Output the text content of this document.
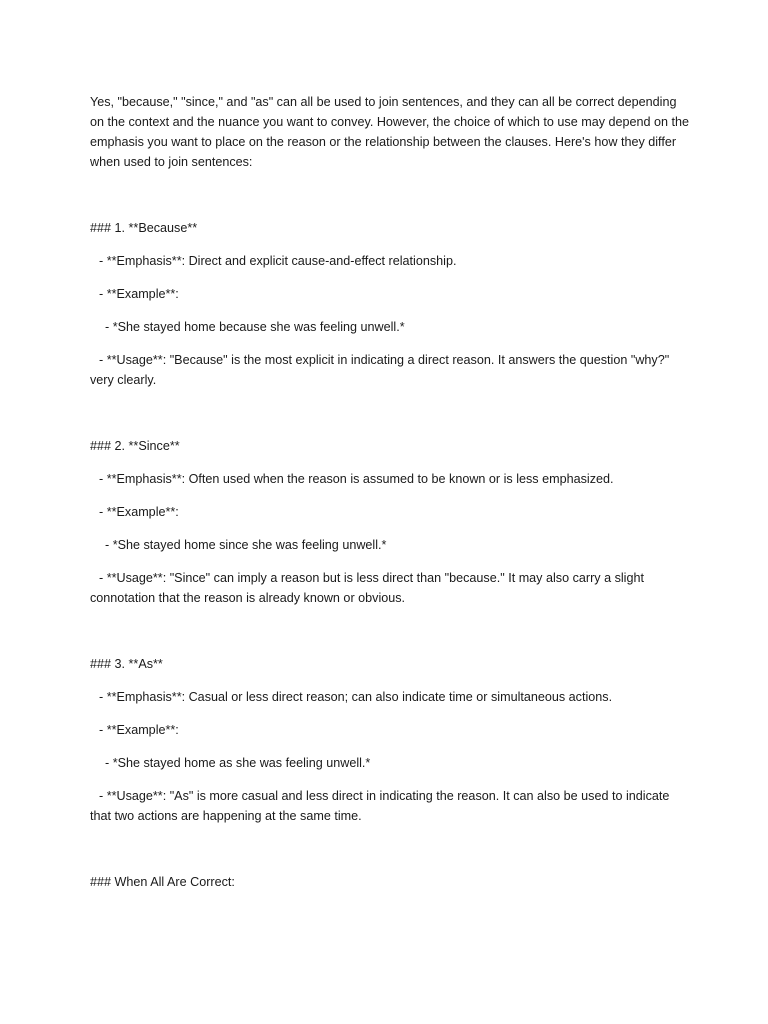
Yes, "because," "since," and "as" can all be used to join sentences, and they can all be correct depending on the context and the nuance you want to convey. However, the choice of which to use may depend on the emphasis you want to place on the reason or the relationship between the clauses. Here's how they differ when used to join sentences:

### 1. **Because**

- **Emphasis**: Direct and explicit cause-and-effect relationship.

- **Example**:

- *She stayed home because she was feeling unwell.*

- **Usage**: "Because" is the most explicit in indicating a direct reason. It answers the question "why?" very clearly.

### 2. **Since**

- **Emphasis**: Often used when the reason is assumed to be known or is less emphasized.

- **Example**:

- *She stayed home since she was feeling unwell.*

- **Usage**: "Since" can imply a reason but is less direct than "because." It may also carry a slight connotation that the reason is already known or obvious.

### 3. **As**

- **Emphasis**: Casual or less direct reason; can also indicate time or simultaneous actions.

- **Example**:

- *She stayed home as she was feeling unwell.*

- **Usage**: "As" is more casual and less direct in indicating the reason. It can also be used to indicate that two actions are happening at the same time.

### When All Are Correct:
